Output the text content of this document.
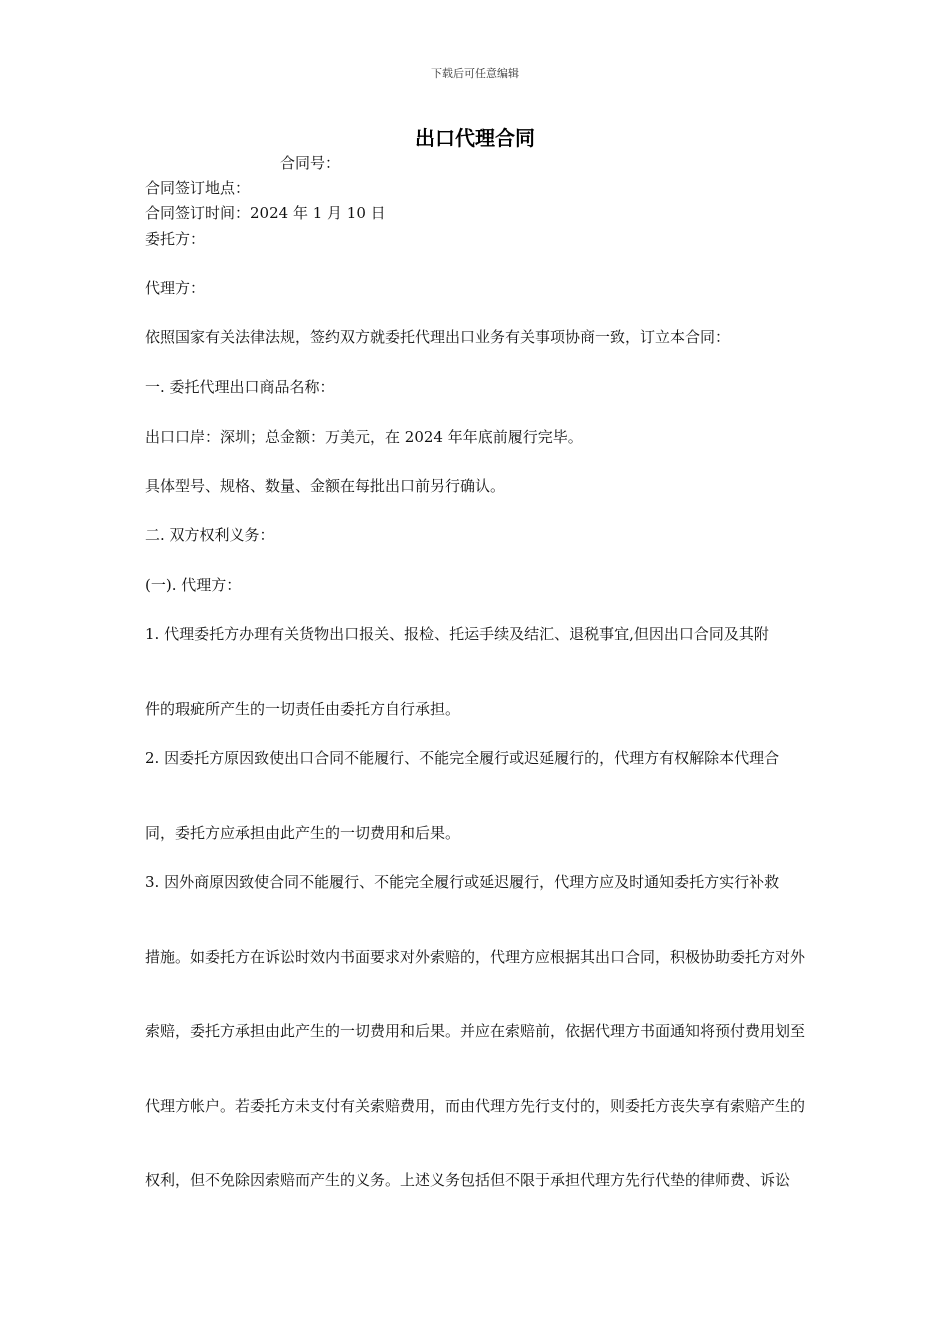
下载后可任意编辑
出口代理合同
合同号：
合同签订地点：
合同签订时间：2024 年 1 月 10 日
委托方：
代理方：
依照国家有关法律法规，签约双方就委托代理出口业务有关事项协商一致，订立本合同：
一. 委托代理出口商品名称：
出口口岸：深圳；总金额：万美元，在 2024 年年底前履行完毕。
具体型号、规格、数量、金额在每批出口前另行确认。
二. 双方权利义务：
(一). 代理方：
1. 代理委托方办理有关货物出口报关、报检、托运手续及结汇、退税事宜,但因出口合同及其附
件的瑕疵所产生的一切责任由委托方自行承担。
2. 因委托方原因致使出口合同不能履行、不能完全履行或迟延履行的，代理方有权解除本代理合
同，委托方应承担由此产生的一切费用和后果。
3. 因外商原因致使合同不能履行、不能完全履行或延迟履行，代理方应及时通知委托方实行补救
措施。如委托方在诉讼时效内书面要求对外索赔的，代理方应根据其出口合同，积极协助委托方对外
索赔，委托方承担由此产生的一切费用和后果。并应在索赔前，依据代理方书面通知将预付费用划至
代理方帐户。若委托方未支付有关索赔费用，而由代理方先行支付的，则委托方丧失享有索赔产生的
权利，但不免除因索赔而产生的义务。上述义务包括但不限于承担代理方先行代垫的律师费、诉讼
